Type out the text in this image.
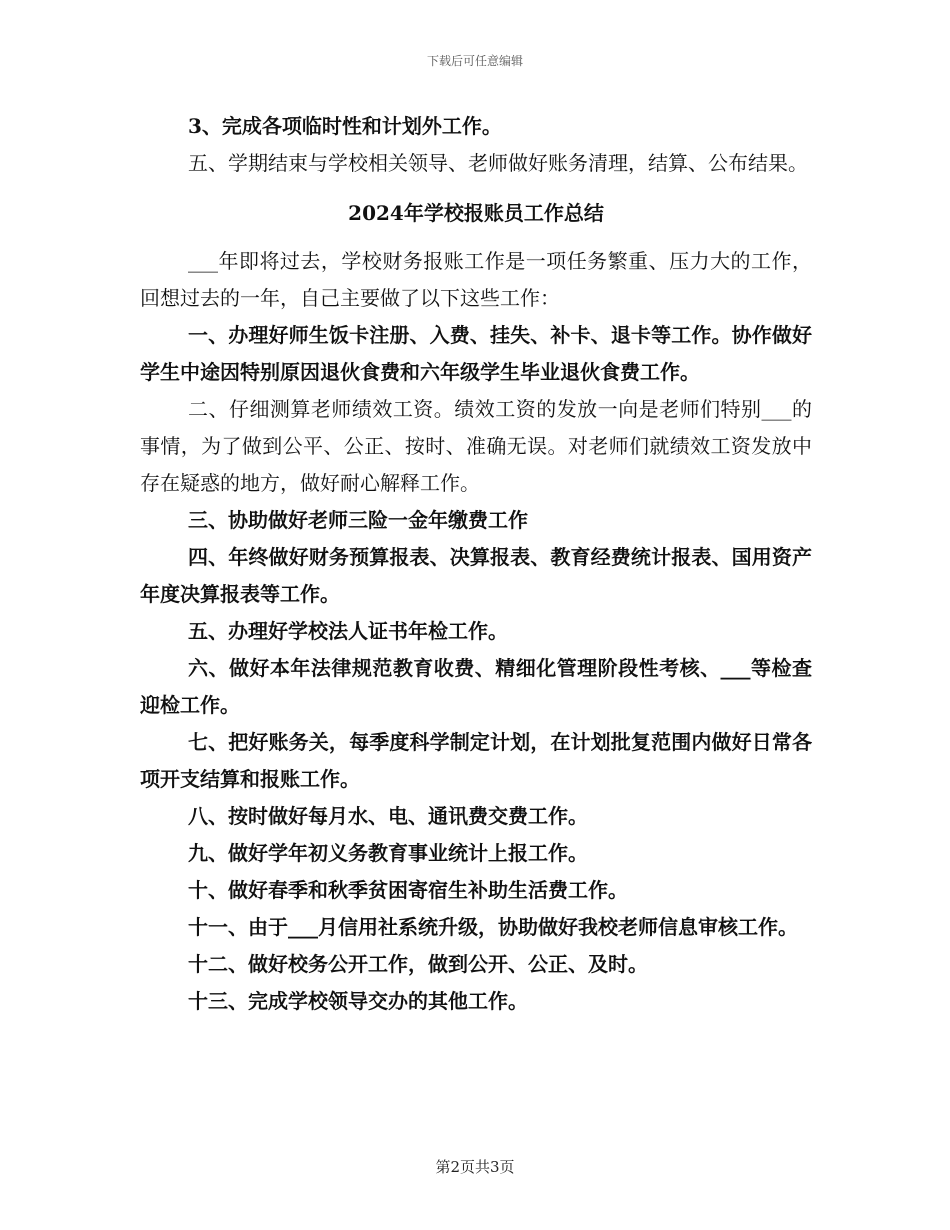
下载后可任意编辑

3、完成各项临时性和计划外工作。

五、学期结束与学校相关领导、老师做好账务清理，结算、公布结果。

2024年学校报账员工作总结

___年即将过去，学校财务报账工作是一项任务繁重、压力大的工作，回想过去的一年，自己主要做了以下这些工作：

一、办理好师生饭卡注册、入费、挂失、补卡、退卡等工作。协作做好学生中途因特别原因退伙食费和六年级学生毕业退伙食费工作。

二、仔细测算老师绩效工资。绩效工资的发放一向是老师们特别___的事情，为了做到公平、公正、按时、准确无误。对老师们就绩效工资发放中存在疑惑的地方，做好耐心解释工作。

三、协助做好老师三险一金年缴费工作

四、年终做好财务预算报表、决算报表、教育经费统计报表、国用资产年度决算报表等工作。

五、办理好学校法人证书年检工作。

六、做好本年法律规范教育收费、精细化管理阶段性考核、___等检查迎检工作。

七、把好账务关，每季度科学制定计划，在计划批复范围内做好日常各项开支结算和报账工作。

八、按时做好每月水、电、通讯费交费工作。

九、做好学年初义务教育事业统计上报工作。

十、做好春季和秋季贫困寄宿生补助生活费工作。

十一、由于___月信用社系统升级，协助做好我校老师信息审核工作。

十二、做好校务公开工作，做到公开、公正、及时。

十三、完成学校领导交办的其他工作。

第2页共3页
